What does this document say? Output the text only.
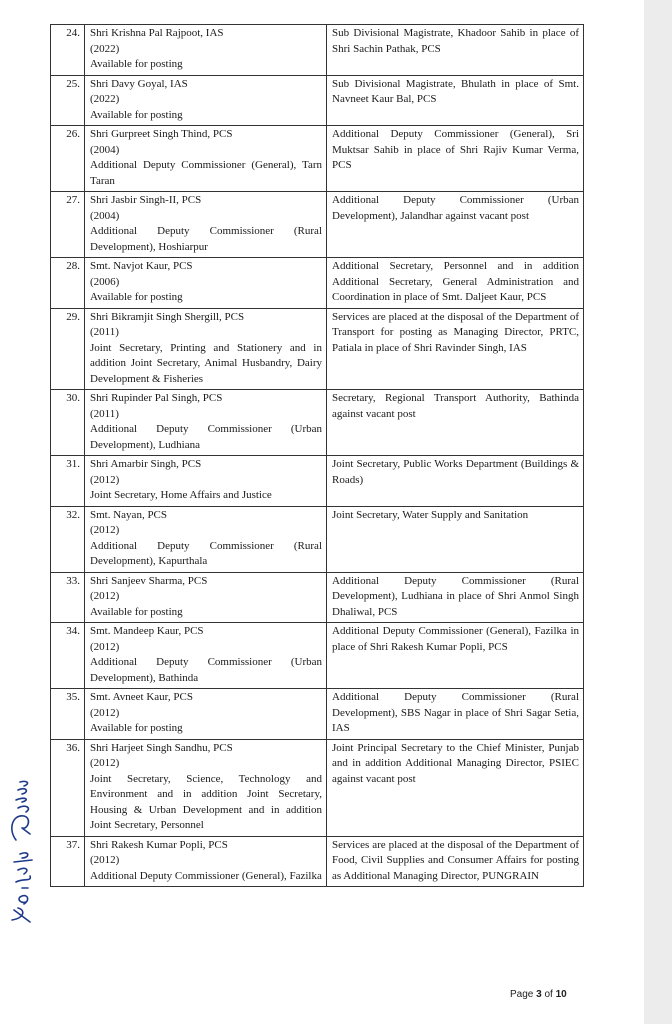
24.	Shri Krishna Pal Rajpoot, IAS
(2022)
Available for posting	Sub Divisional Magistrate, Khadoor Sahib in place of Shri Sachin Pathak, PCS
25.	Shri Davy Goyal, IAS
(2022)
Available for posting	Sub Divisional Magistrate, Bhulath in place of Smt. Navneet Kaur Bal, PCS
26.	Shri Gurpreet Singh Thind, PCS
(2004)
Additional Deputy Commissioner (General), Tarn Taran	Additional Deputy Commissioner (General), Sri Muktsar Sahib in place of Shri Rajiv Kumar Verma, PCS
27.	Shri Jasbir Singh-II, PCS
(2004)
Additional Deputy Commissioner (Rural Development), Hoshiarpur	Additional Deputy Commissioner (Urban Development), Jalandhar against vacant post
28.	Smt. Navjot Kaur, PCS
(2006)
Available for posting	Additional Secretary, Personnel and in addition Additional Secretary, General Administration and Coordination in place of Smt. Daljeet Kaur, PCS
29.	Shri Bikramjit Singh Shergill, PCS
(2011)
Joint Secretary, Printing and Stationery and in addition Joint Secretary, Animal Husbandry, Dairy Development & Fisheries	Services are placed at the disposal of the Department of Transport for posting as Managing Director, PRTC, Patiala in place of Shri Ravinder Singh, IAS
30.	Shri Rupinder Pal Singh, PCS
(2011)
Additional Deputy Commissioner (Urban Development), Ludhiana	Secretary, Regional Transport Authority, Bathinda against vacant post
31.	Shri Amarbir Singh, PCS
(2012)
Joint Secretary, Home Affairs and Justice	Joint Secretary, Public Works Department (Buildings & Roads)
32.	Smt. Nayan, PCS
(2012)
Additional Deputy Commissioner (Rural Development), Kapurthala	Joint Secretary, Water Supply and Sanitation
33.	Shri Sanjeev Sharma, PCS
(2012)
Available for posting	Additional Deputy Commissioner (Rural Development), Ludhiana in place of Shri Anmol Singh Dhaliwal, PCS
34.	Smt. Mandeep Kaur, PCS
(2012)
Additional Deputy Commissioner (Urban Development), Bathinda	Additional Deputy Commissioner (General), Fazilka in place of Shri Rakesh Kumar Popli, PCS
35.	Smt. Avneet Kaur, PCS
(2012)
Available for posting	Additional Deputy Commissioner (Rural Development), SBS Nagar in place of Shri Sagar Setia, IAS
36.	Shri Harjeet Singh Sandhu, PCS
(2012)
Joint Secretary, Science, Technology and Environment and in addition Joint Secretary, Housing & Urban Development and in addition Joint Secretary, Personnel	Joint Principal Secretary to the Chief Minister, Punjab and in addition Additional Managing Director, PSIEC against vacant post
37.	Shri Rakesh Kumar Popli, PCS
(2012)
Additional Deputy Commissioner (General), Fazilka	Services are placed at the disposal of the Department of Food, Civil Supplies and Consumer Affairs for posting as Additional Managing Director, PUNGRAIN
Page 3 of 10
